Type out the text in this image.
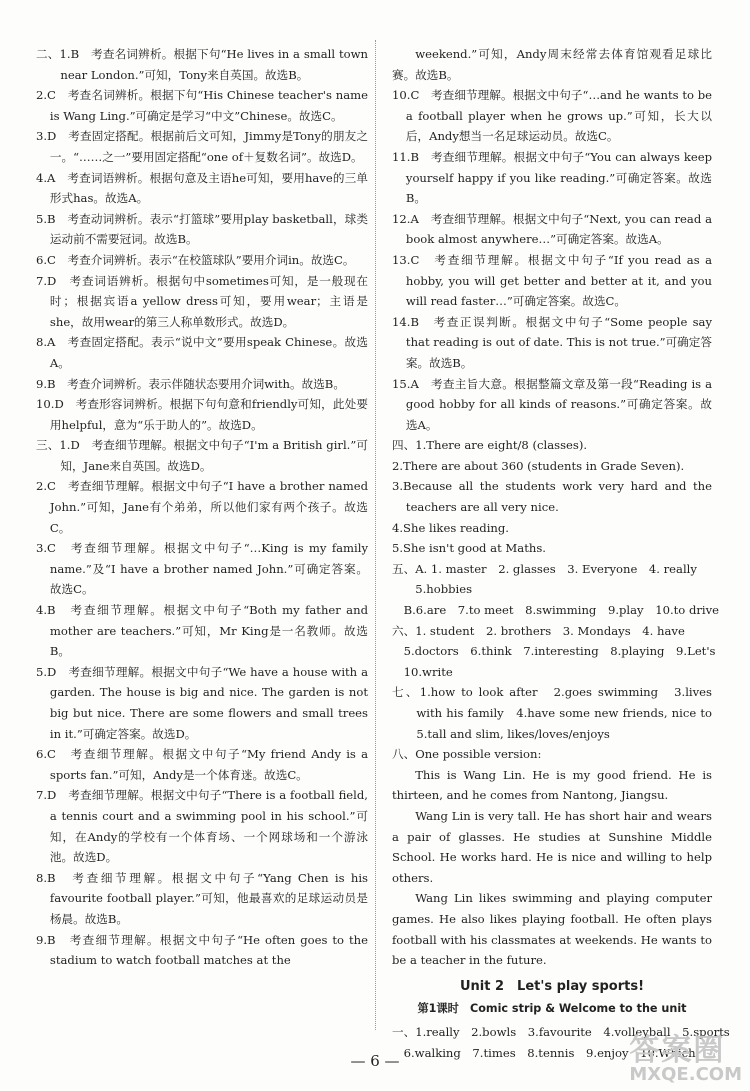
二、1.B　考查名词辨析。根据下句“He lives in a small town near London.”可知，Tony来自英国。故选B。
2.C　考查名词辨析。根据下句“His Chinese teacher's name is Wang Ling.”可确定是学习“中文”Chinese。故选C。
3.D　考查固定搭配。根据前后文可知，Jimmy是Tony的朋友之一。“……之一”要用固定搭配“one of＋复数名词”。故选D。
4.A　考查词语辨析。根据句意及主语he可知，要用have的三单形式has。故选A。
5.B　考查动词辨析。表示“打篮球”要用play basketball，球类运动前不需要冠词。故选B。
6.C　考查介词辨析。表示“在校篮球队”要用介词in。故选C。
7.D　考查词语辨析。根据句中sometimes可知，是一般现在时；根据宾语a yellow dress可知，要用wear；主语是she，故用wear的第三人称单数形式。故选D。
8.A　考查固定搭配。表示“说中文”要用speak Chinese。故选A。
9.B　考查介词辨析。表示伴随状态要用介词with。故选B。
10.D　考查形容词辨析。根据下句句意和friendly可知，此处要用helpful，意为“乐于助人的”。故选D。
三、1.D　考查细节理解。根据文中句子“I'm a British girl.”可知，Jane来自英国。故选D。
2.C　考查细节理解。根据文中句子“I have a brother named John.”可知，Jane有个弟弟，所以他们家有两个孩子。故选C。
3.C　考查细节理解。根据文中句子“…King is my family name.”及“I have a brother named John.”可确定答案。故选C。
4.B　考查细节理解。根据文中句子“Both my father and mother are teachers.”可知，Mr King是一名教师。故选B。
5.D　考查细节理解。根据文中句子“We have a house with a garden. The house is big and nice. The garden is not big but nice. There are some flowers and small trees in it.”可确定答案。故选D。
6.C　考查细节理解。根据文中句子“My friend Andy is a sports fan.”可知，Andy是一个体育迷。故选C。
7.D　考查细节理解。根据文中句子“There is a football field, a tennis court and a swimming pool in his school.”可知，在Andy的学校有一个体育场、一个网球场和一个游泳池。故选D。
8.B　考查细节理解。根据文中句子“Yang Chen is his favourite football player.”可知，他最喜欢的足球运动员是杨晨。故选B。
9.B　考查细节理解。根据文中句子“He often goes to the stadium to watch football matches at the
weekend.”可知，Andy周末经常去体育馆观看足球比赛。故选B。
10.C　考查细节理解。根据文中句子“…and he wants to be a football player when he grows up.”可知，长大以后，Andy想当一名足球运动员。故选C。
11.B　考查细节理解。根据文中句子“You can always keep yourself happy if you like reading.”可确定答案。故选B。
12.A　考查细节理解。根据文中句子“Next, you can read a book almost anywhere…”可确定答案。故选A。
13.C　考查细节理解。根据文中句子“If you read as a hobby, you will get better and better at it, and you will read faster…”可确定答案。故选C。
14.B　考查正误判断。根据文中句子“Some people say that reading is out of date. This is not true.”可确定答案。故选B。
15.A　考查主旨大意。根据整篇文章及第一段“Reading is a good hobby for all kinds of reasons.”可确定答案。故选A。
四、1.There are eight/8 (classes).
2.There are about 360 (students in Grade Seven).
3.Because all the students work very hard and the teachers are all very nice.
4.She likes reading.
5.She isn't good at Maths.
五、A. 1. master　2. glasses　3. Everyone　4. really
　　5.hobbies
　B.6.are　7.to meet　8.swimming　9.play　10.to drive
六、1. student　2. brothers　3. Mondays　4. have
　5.doctors　6.think　7.interesting　8.playing　9.Let's
　10.write
七、1.how to look after　2.goes swimming　3.lives with his family　4.have some new friends, nice to　5.tall and slim, likes/loves/enjoys
八、One possible version:
This is Wang Lin. He is my good friend. He is thirteen, and he comes from Nantong, Jiangsu.
Wang Lin is very tall. He has short hair and wears a pair of glasses. He studies at Sunshine Middle School. He works hard. He is nice and willing to help others.
Wang Lin likes swimming and playing computer games. He also likes playing football. He often plays football with his classmates at weekends. He wants to be a teacher in the future.
Unit 2　Let's play sports!
第1课时　Comic strip & Welcome to the unit
一、1.really　2.bowls　3.favourite　4.volleyball　5.sports
　6.walking　7.times　8.tennis　9.enjoy　10.Which
— 6 —	答案圈
MXQE.COM
